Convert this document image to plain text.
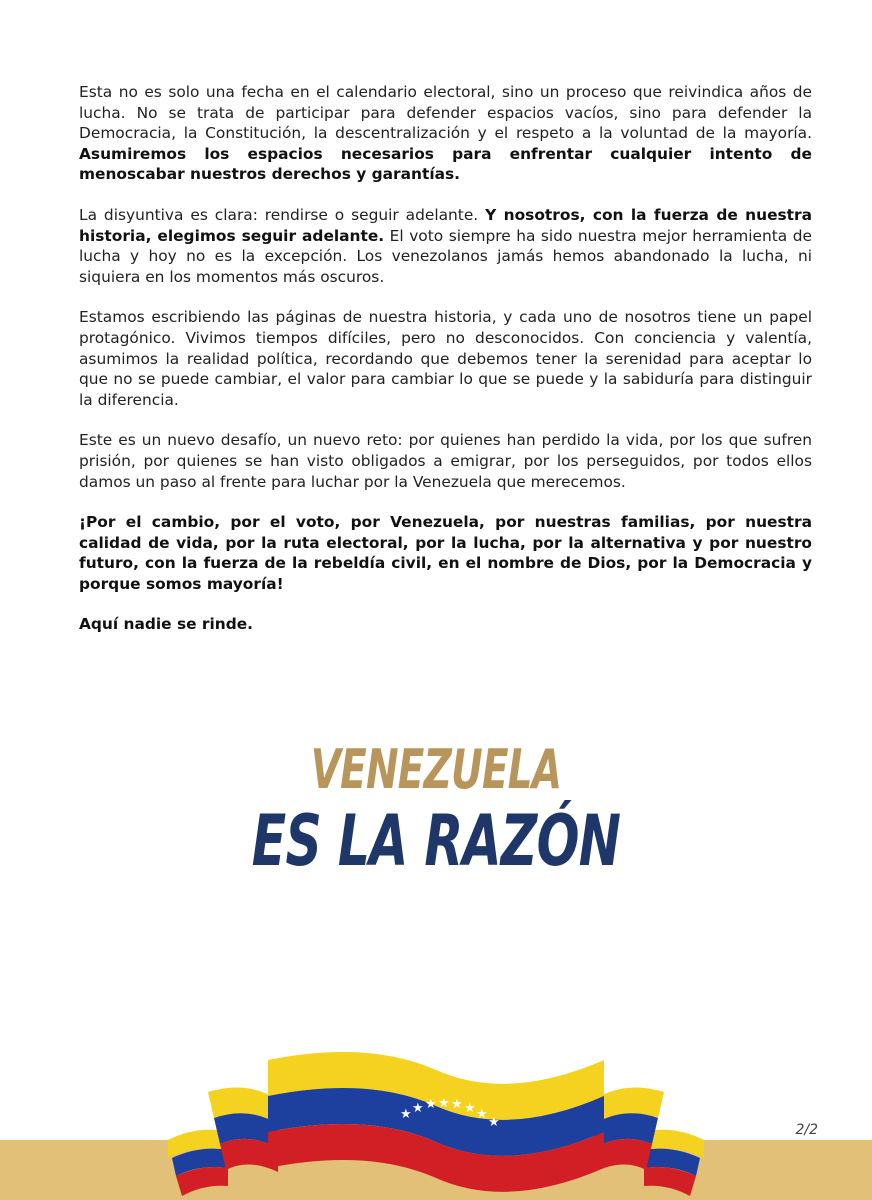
Esta no es solo una fecha en el calendario electoral, sino un proceso que reivindica años de lucha. No se trata de participar para defender espacios vacíos, sino para defender la Democracia, la Constitución, la descentralización y el respeto a la voluntad de la mayoría. Asumiremos los espacios necesarios para enfrentar cualquier intento de menoscabar nuestros derechos y garantías.

La disyuntiva es clara: rendirse o seguir adelante. Y nosotros, con la fuerza de nuestra historia, elegimos seguir adelante. El voto siempre ha sido nuestra mejor herramienta de lucha y hoy no es la excepción. Los venezolanos jamás hemos abandonado la lucha, ni siquiera en los momentos más oscuros.

Estamos escribiendo las páginas de nuestra historia, y cada uno de nosotros tiene un papel protagónico. Vivimos tiempos difíciles, pero no desconocidos. Con conciencia y valentía, asumimos la realidad política, recordando que debemos tener la serenidad para aceptar lo que no se puede cambiar, el valor para cambiar lo que se puede y la sabiduría para distinguir la diferencia.

Este es un nuevo desafío, un nuevo reto: por quienes han perdido la vida, por los que sufren prisión, por quienes se han visto obligados a emigrar, por los perseguidos, por todos ellos damos un paso al frente para luchar por la Venezuela que merecemos.

¡Por el cambio, por el voto, por Venezuela, por nuestras familias, por nuestra calidad de vida, por la ruta electoral, por la lucha, por la alternativa y por nuestro futuro, con la fuerza de la rebeldía civil, en el nombre de Dios, por la Democracia y porque somos mayoría!

Aquí nadie se rinde.

VENEZUELA
ES LA RAZÓN
★ ★ ★ ★ ★ ★ ★
★	2/2
